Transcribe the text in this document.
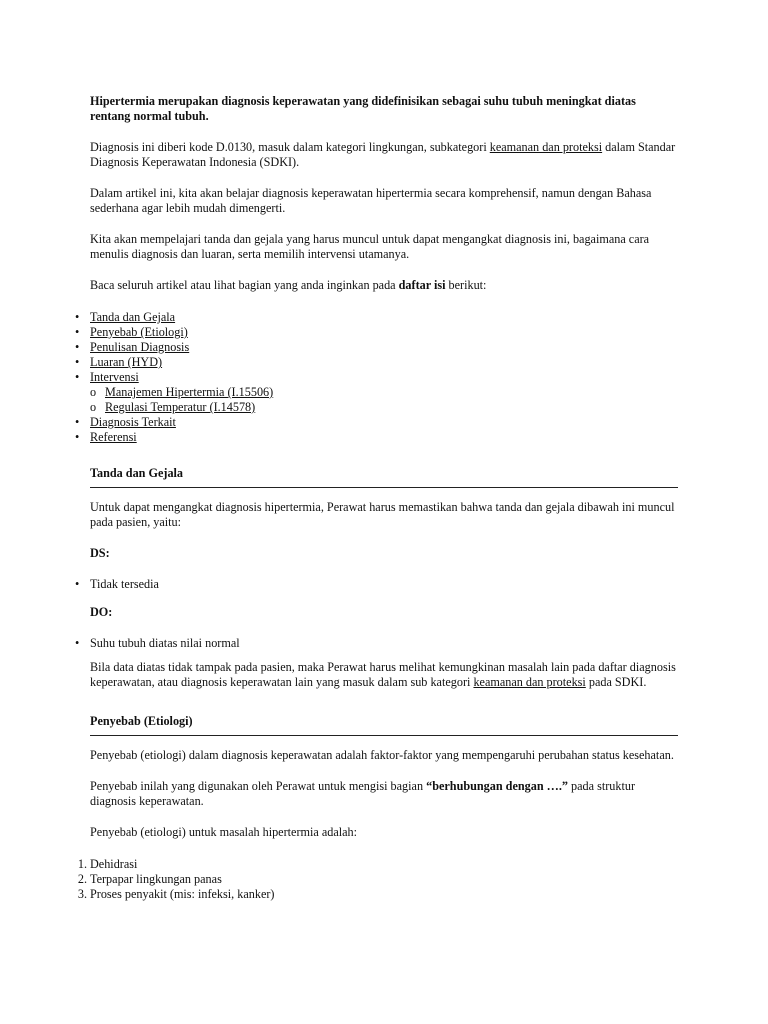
Hipertermia merupakan diagnosis keperawatan yang didefinisikan sebagai suhu tubuh meningkat diatas rentang normal tubuh.

Diagnosis ini diberi kode D.0130, masuk dalam kategori lingkungan, subkategori keamanan dan proteksi dalam Standar Diagnosis Keperawatan Indonesia (SDKI).

Dalam artikel ini, kita akan belajar diagnosis keperawatan hipertermia secara komprehensif, namun dengan Bahasa sederhana agar lebih mudah dimengerti.

Kita akan mempelajari tanda dan gejala yang harus muncul untuk dapat mengangkat diagnosis ini, bagaimana cara menulis diagnosis dan luaran, serta memilih intervensi utamanya.

Baca seluruh artikel atau lihat bagian yang anda inginkan pada daftar isi berikut:

• Tanda dan Gejala
• Penyebab (Etiologi)
• Penulisan Diagnosis
• Luaran (HYD)
• Intervensi
o Manajemen Hipertermia (I.15506)
o Regulasi Temperatur (I.14578)
• Diagnosis Terkait
• Referensi
Tanda dan Gejala

Untuk dapat mengangkat diagnosis hipertermia, Perawat harus memastikan bahwa tanda dan gejala dibawah ini muncul pada pasien, yaitu:

DS:
• Tidak tersedia
DO:
• Suhu tubuh diatas nilai normal

Bila data diatas tidak tampak pada pasien, maka Perawat harus melihat kemungkinan masalah lain pada daftar diagnosis keperawatan, atau diagnosis keperawatan lain yang masuk dalam sub kategori keamanan dan proteksi pada SDKI.

Penyebab (Etiologi)

Penyebab (etiologi) dalam diagnosis keperawatan adalah faktor-faktor yang mempengaruhi perubahan status kesehatan.

Penyebab inilah yang digunakan oleh Perawat untuk mengisi bagian “berhubungan dengan ….” pada struktur diagnosis keperawatan.

Penyebab (etiologi) untuk masalah hipertermia adalah:

1. Dehidrasi
2. Terpapar lingkungan panas
3. Proses penyakit (mis: infeksi, kanker)
